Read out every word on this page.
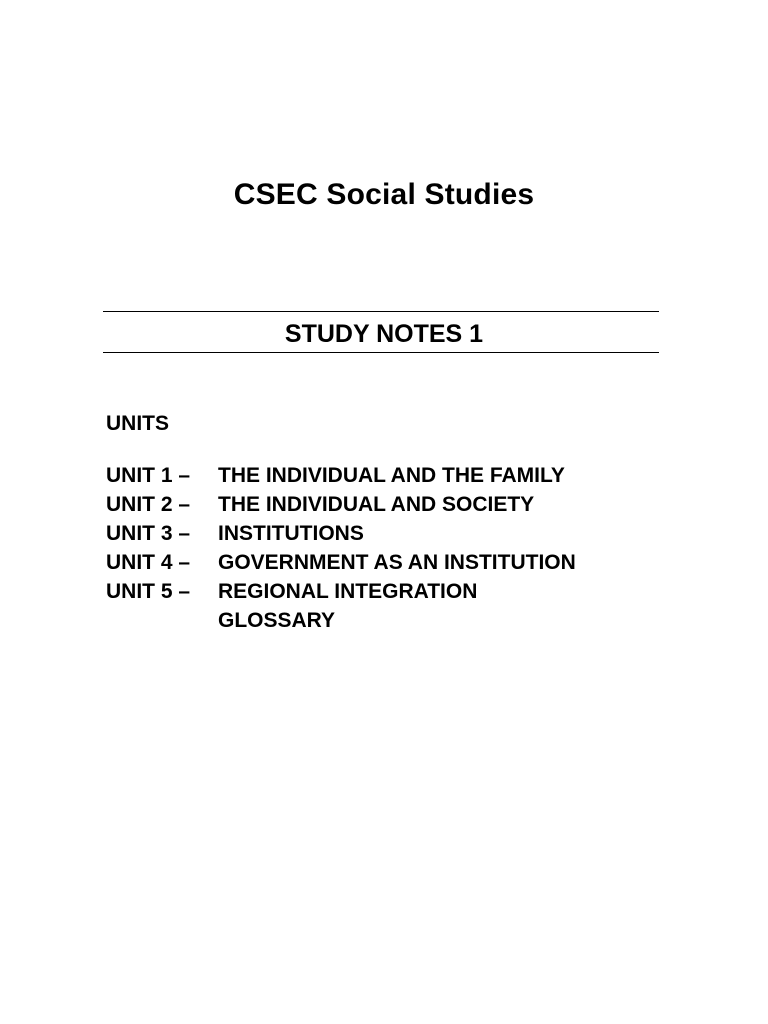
CSEC Social Studies
STUDY NOTES 1
UNITS
UNIT 1 –	THE INDIVIDUAL AND THE FAMILY
UNIT 2 –	THE INDIVIDUAL AND SOCIETY
UNIT 3 –	INSTITUTIONS
UNIT 4 –	GOVERNMENT AS AN INSTITUTION
UNIT 5 –	REGIONAL INTEGRATION
GLOSSARY
